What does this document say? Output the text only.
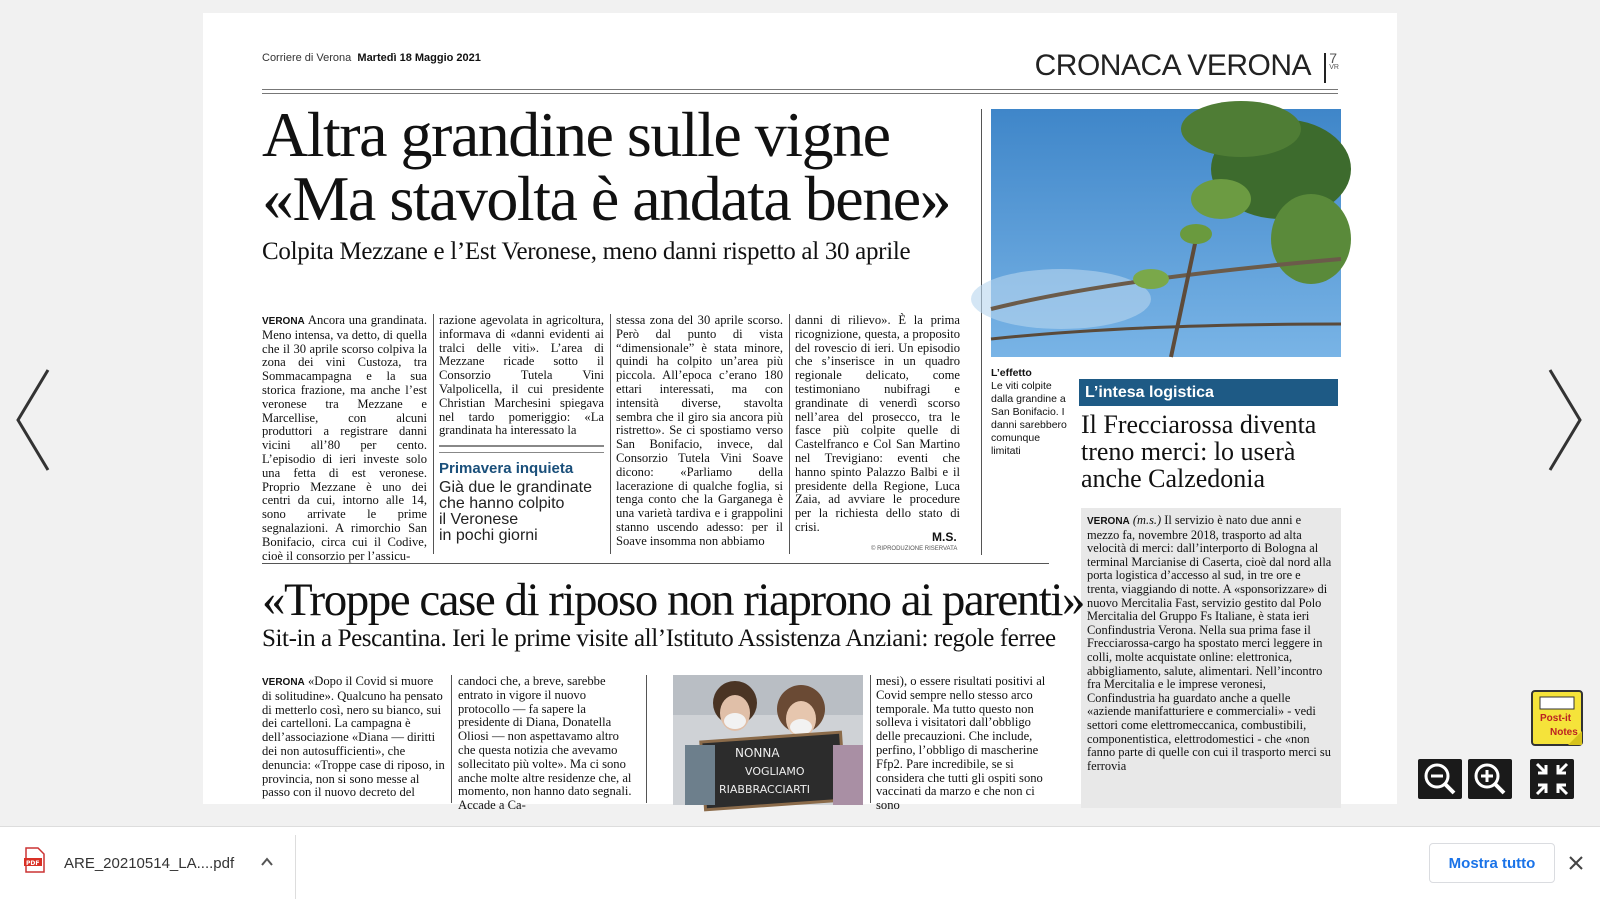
Corriere di Verona Martedì 18 Maggio 2021	CRONACA VERONA 7
VR
Altra grandine sulle vigne
«Ma stavolta è andata bene»
Colpita Mezzane e l’Est Veronese, meno danni rispetto al 30 aprile
VERONA Ancora una grandinata. Meno intensa, va detto, di quella che il 30 aprile scorso colpiva la zona dei vini Custoza, tra Sommacampagna e la sua storica frazione, ma anche l’est veronese tra Mezzane e Marcellise, con alcuni produttori a registrare danni vicini all’80 per cento. L’episodio di ieri investe solo una fetta di est veronese. Proprio Mezzane è uno dei centri da cui, intorno alle 14, sono arrivate le prime segnalazioni. A rimorchio San Bonifacio, circa cui il Codive, cioè il consorzio per l’assicu-
razione agevolata in agricoltura, informava di «danni evidenti ai tralci delle viti». L’area di Mezzane ricade sotto il Consorzio Tutela Vini Valpolicella, il cui presidente Christian Marchesini spiegava nel tardo pomeriggio: «La grandinata ha interessato la
Primavera inquieta
Già due le grandinate
che hanno colpito
il Veronese
in pochi giorni
stessa zona del 30 aprile scorso. Però dal punto di vista “dimensionale” è stata minore, quindi ha colpito un’area più piccola. All’epoca c’erano 180 ettari interessati, ma con intensità diverse, stavolta sembra che il giro sia ancora più ristretto». Se ci spostiamo verso San Bonifacio, invece, dal Consorzio Tutela Vini Soave dicono: «Parliamo della lacerazione di qualche foglia, si tenga conto che la Garganega è una varietà tardiva e i grappolini stanno uscendo adesso: per il Soave insomma non abbiamo
danni di rilievo». È la prima ricognizione, questa, a proposito del rovescio di ieri. Un episodio che s’inserisce in un quadro regionale delicato, come testimoniano nubifragi e grandinate di venerdì scorso nell’area del prosecco, tra le fasce più colpite quelle di Castelfranco e Col San Martino nel Trevigiano: eventi che hanno spinto Palazzo Balbi e il presidente della Regione, Luca Zaia, ad avviare le procedure per la richiesta dello stato di crisi.
M.S.
© RIPRODUZIONE RISERVATA
L’effetto
Le viti colpite dalla grandine a San Bonifacio. I danni sarebbero comunque limitati
L’intesa logistica
Il Frecciarossa diventa treno merci: lo userà anche Calzedonia
VERONA (m.s.) Il servizio è nato due anni e mezzo fa, novembre 2018, trasporto ad alta velocità di merci: dall’interporto di Bologna al terminal Marcianise di Caserta, cioè dal nord alla porta logistica d’accesso al sud, in tre ore e trenta, viaggiando di notte. A «sponsorizzare» di nuovo Mercitalia Fast, servizio gestito dal Polo Mercitalia del Gruppo Fs Italiane, è stata ieri Confindustria Verona. Nella sua prima fase il Frecciarossa-cargo ha spostato merci leggere in colli, molte acquistate online: elettronica, abbigliamento, salute, alimentari. Nell’incontro fra Mercitalia e le imprese veronesi, Confindustria ha guardato anche a quelle «aziende manifatturiere e commerciali» - vedi settori come elettromeccanica, combustibili, componentistica, elettrodomestici - che «non fanno parte di quelle con cui il trasporto merci su ferrovia
«Troppe case di riposo non riaprono ai parenti»
Sit-in a Pescantina. Ieri le prime visite all’Istituto Assistenza Anziani: regole ferree
VERONA «Dopo il Covid si muore di solitudine». Qualcuno ha pensato di metterlo così, nero su bianco, sui dei cartelloni. La campagna è dell’associazione «Diana — diritti dei non autosufficienti», che denuncia: «Troppe case di riposo, in provincia, non si sono messe al passo con il nuovo decreto del
candoci che, a breve, sarebbe entrato in vigore il nuovo protocollo — fa sapere la presidente di Diana, Donatella Oliosi — non aspettavamo altro che questa notizia che avevamo sollecitato più volte». Ma ci sono anche molte altre residenze che, al momento, non hanno dato segnali. Accade a Ca-
NONNA
VOGLIAMO
RIABBRACCIARTI
mesi), o essere risultati positivi al Covid sempre nello stesso arco temporale. Ma tutto questo non solleva i visitatori dall’obbligo delle precauzioni. Che include, perfino, l’obbligo di mascherine Ffp2. Pare incredibile, se si considera che tutti gli ospiti sono vaccinati da marzo e che non ci sono
Post-it
Notes
PDF ARE_20210514_LA....pdf	Mostra tutto
